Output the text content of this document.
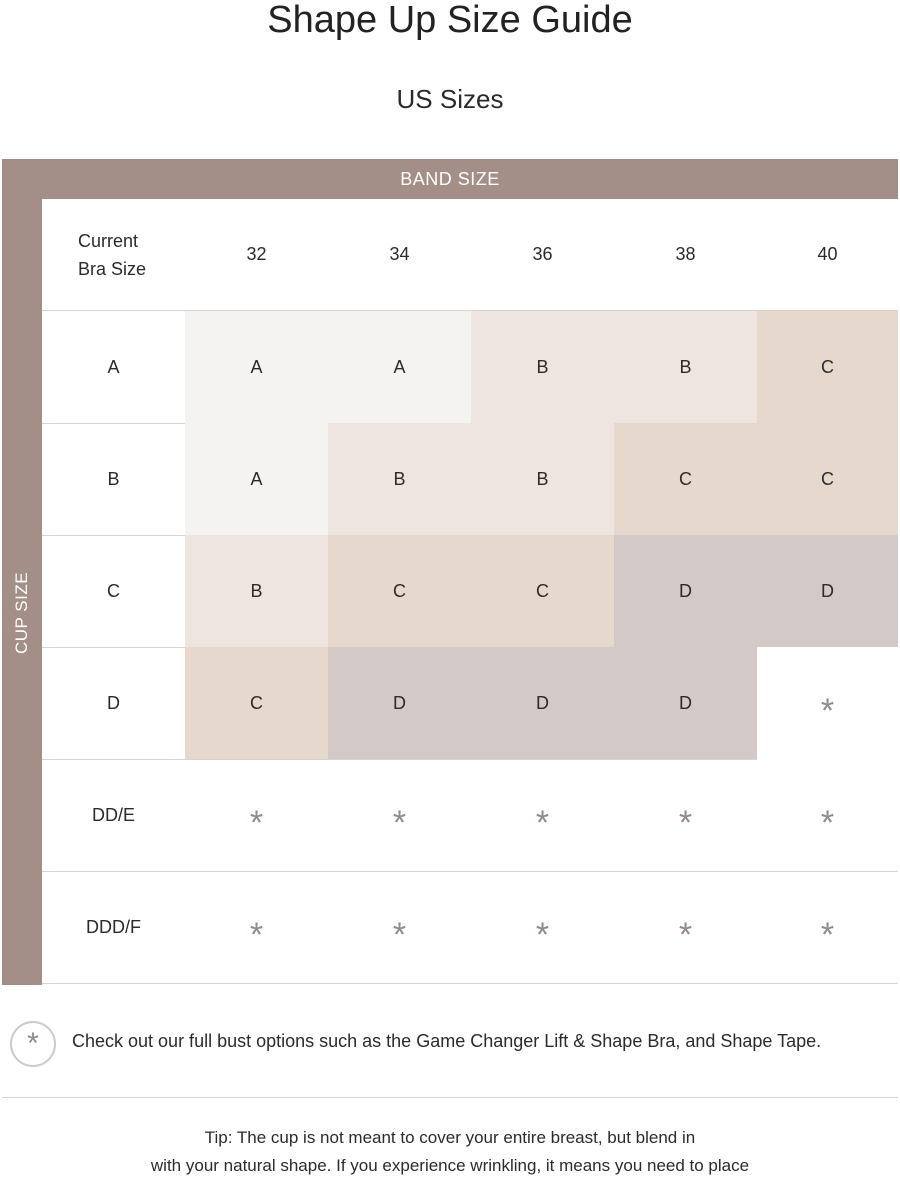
Shape Up Size Guide
US Sizes
BAND SIZE
CUP SIZE
Current
Bra Size
32	34	36	38	40
A	A	A	B	B	C
B	A	B	B	C	C
C	B	C	C	D	D
D	C	D	D	D	*
DD/E	*	*	*	*	*
DDD/F	*	*	*	*	*
*	Check out our full bust options such as the Game Changer Lift & Shape Bra, and Shape Tape.
Tip: The cup is not meant to cover your entire breast, but blend in
with your natural shape. If you experience wrinkling, it means you need to place
